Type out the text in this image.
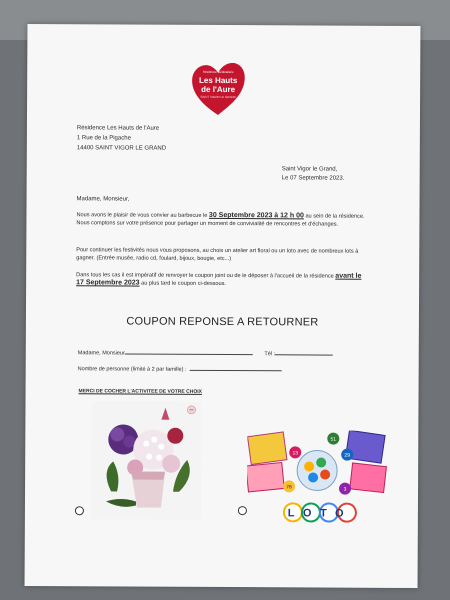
Résidence médicalisée
Les Hauts
de l'Aure
SAINT VIGOR LE GRAND
Résidence Les Hauts de l'Aure
1 Rue de la Pigache
14400 SAINT VIGOR LE GRAND
Saint Vigor le Grand,
Le 07 Septembre 2023.
Madame, Monsieur,
Nous avons le plaisir de vous convier au barbecue le 30 Septembre 2023 à 12 h 00 au sein de la résidence. Nous comptons sur votre présence pour partager un moment de convivialité de rencontres et d'échanges.
Pour continuer les festivités nous vous proposons, au choix un atelier art floral ou un loto avec de nombreux lots à gagner. (Entrée musée, radio cd, foulard, bijoux, bougie, etc...)
Dans tous les cas il est impératif de renvoyer le coupon joint ou de le déposer à l'accueil de la résidence avant le 17 Septembre 2023 au plus tard le coupon ci-dessous.
COUPON REPONSE A RETOURNER
Madame, Monsieur	Tél :
Nombre de personne (limité à 2 par famille) :
MERCI DE COCHER L'ACTIVITEE DE VOTRE CHOIX
51
13	29
76	3
LOTO
